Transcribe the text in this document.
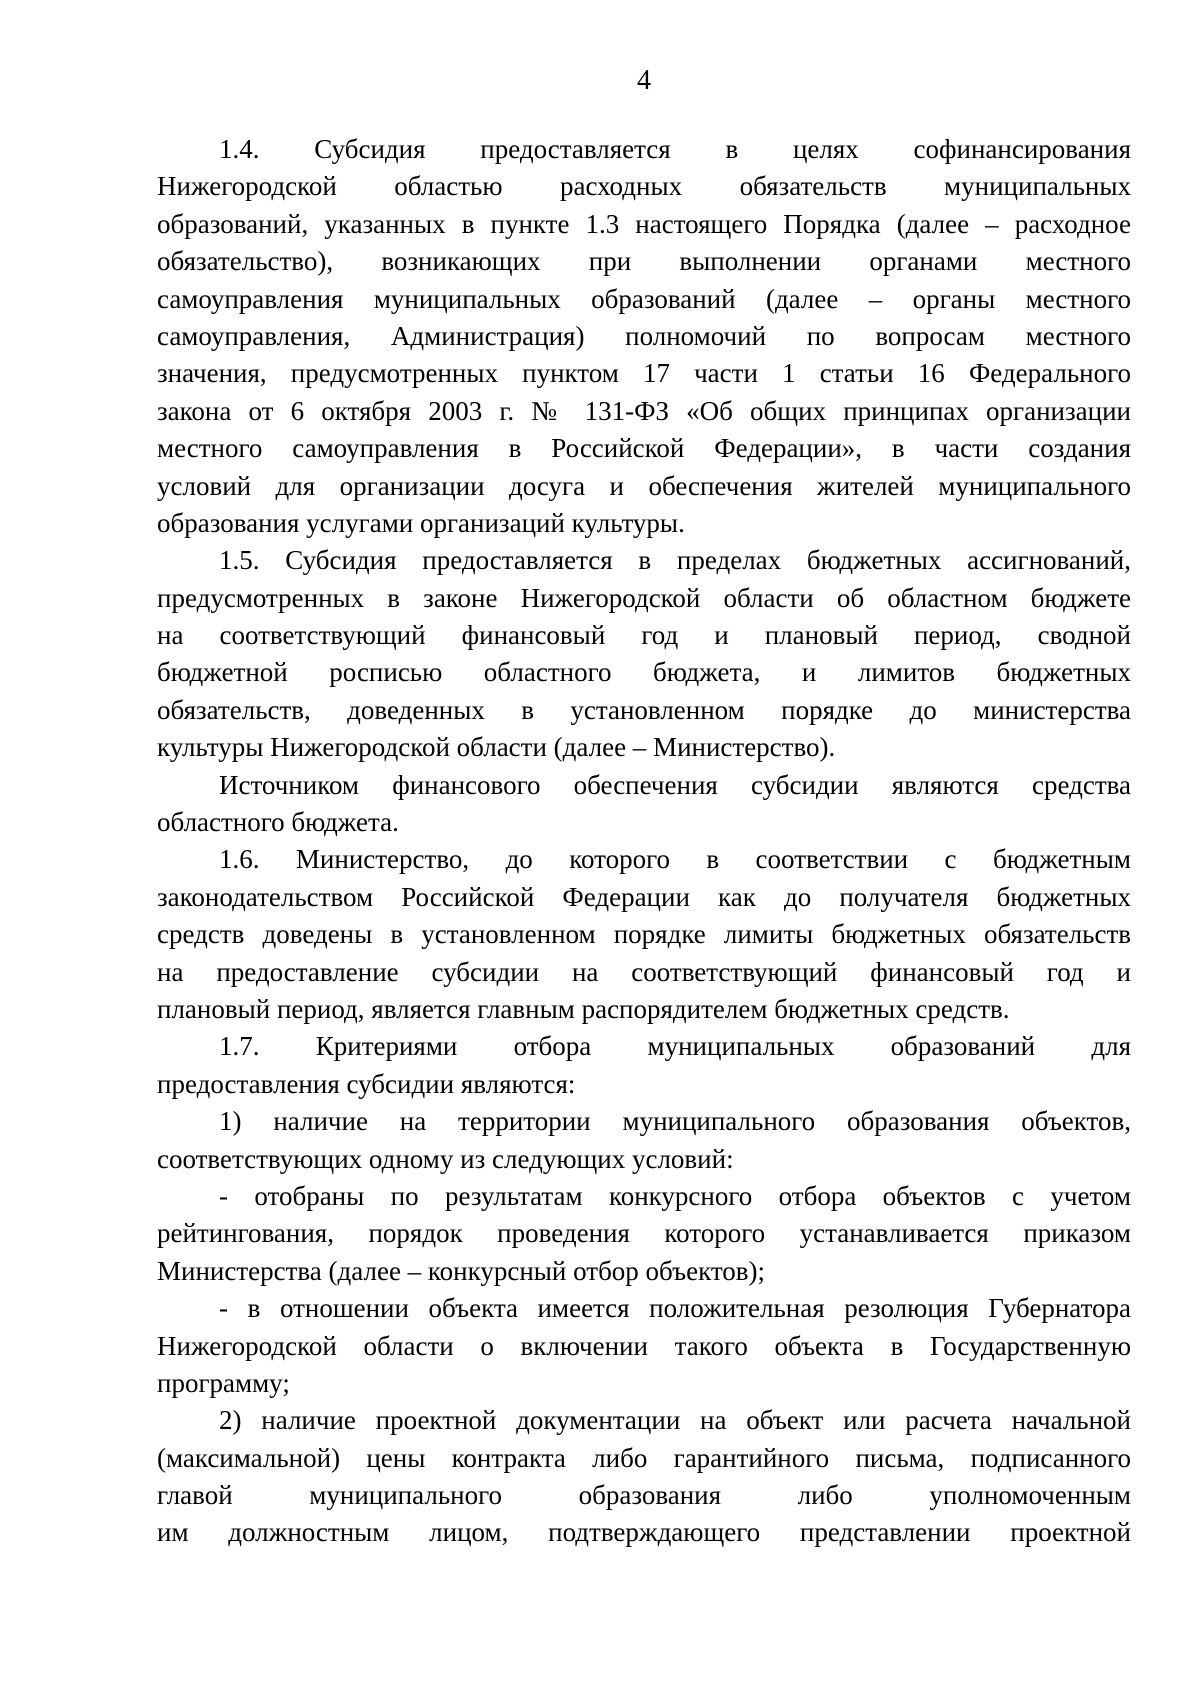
4
1.4. Субсидия предоставляется в целях софинансирования
Нижегородской областью расходных обязательств муниципальных
образований, указанных в пункте 1.3 настоящего Порядка (далее – расходное
обязательство), возникающих при выполнении органами местного
самоуправления муниципальных образований (далее – органы местного
самоуправления, Администрация) полномочий по вопросам местного
значения, предусмотренных пунктом 17 части 1 статьи 16 Федерального
закона от 6 октября 2003 г. № 131-ФЗ «Об общих принципах организации
местного самоуправления в Российской Федерации», в части создания
условий для организации досуга и обеспечения жителей муниципального
образования услугами организаций культуры.
1.5. Субсидия предоставляется в пределах бюджетных ассигнований,
предусмотренных в законе Нижегородской области об областном бюджете
на соответствующий финансовый год и плановый период, сводной
бюджетной росписью областного бюджета, и лимитов бюджетных
обязательств, доведенных в установленном порядке до министерства
культуры Нижегородской области (далее – Министерство).
Источником финансового обеспечения субсидии являются средства
областного бюджета.
1.6. Министерство, до которого в соответствии с бюджетным
законодательством Российской Федерации как до получателя бюджетных
средств доведены в установленном порядке лимиты бюджетных обязательств
на предоставление субсидии на соответствующий финансовый год и
плановый период, является главным распорядителем бюджетных средств.
1.7. Критериями отбора муниципальных образований для
предоставления субсидии являются:
1) наличие на территории муниципального образования объектов,
соответствующих одному из следующих условий:
- отобраны по результатам конкурсного отбора объектов с учетом
рейтингования, порядок проведения которого устанавливается приказом
Министерства (далее – конкурсный отбор объектов);
- в отношении объекта имеется положительная резолюция Губернатора
Нижегородской области о включении такого объекта в Государственную
программу;
2) наличие проектной документации на объект или расчета начальной
(максимальной) цены контракта либо гарантийного письма, подписанного
главой муниципального образования либо уполномоченным
им должностным лицом, подтверждающего представлении проектной
